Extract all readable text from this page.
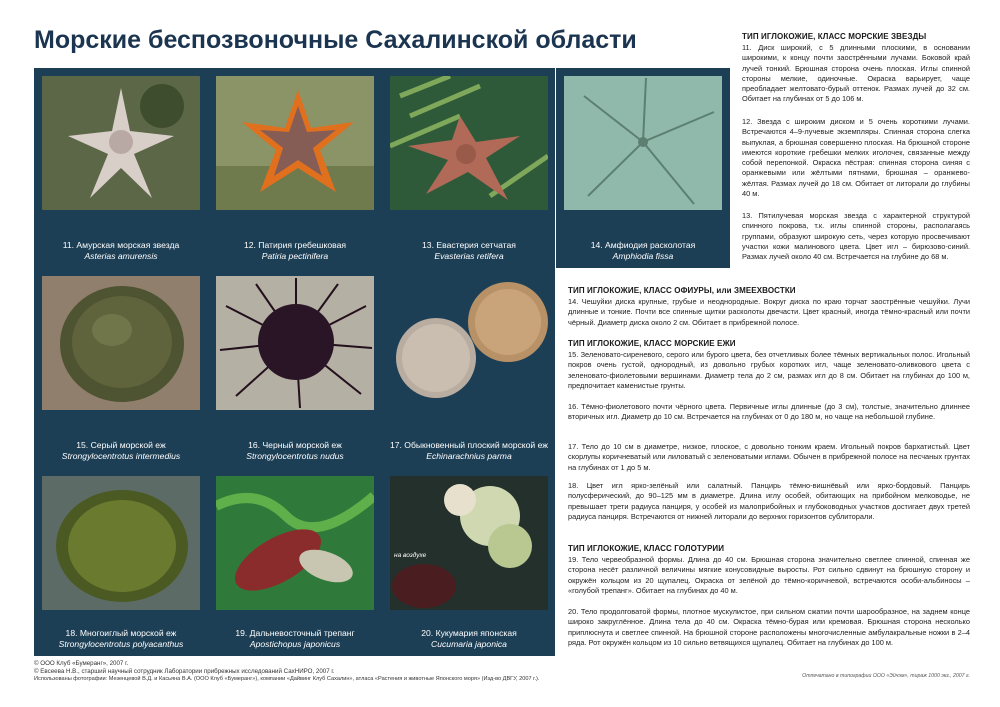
Морские беспозвоночные Сахалинской области
11. Амурская морская звезда
Asterias amurensis
12. Патирия гребешковая
Patiria pectinifera
13. Евастерия сетчатая
Evasterias retifera
15. Серый морской еж
Strongylocentrotus intermedius
16. Черный морской еж
Strongylocentrotus nudus
17. Обыкновенный плоский морской еж
Echinarachnius parma
18. Многоиглый морской еж
Strongylocentrotus polyacanthus
19. Дальневосточный трепанг
Apostichopus japonicus
на воздухе
20. Кукумария японская
Cucumaria japonica
14. Амфиодия расколотая
Amphiodia fissa
ТИП ИГЛОКОЖИЕ, КЛАСС МОРСКИЕ ЗВЕЗДЫ
11. Диск широкий, с 5 длинными плоскими, в основании широкими, к концу почти заострёнными лучами. Боковой край лучей тонкий. Брюшная сторона очень плоская. Иглы спинной стороны мелкие, одиночные. Окраска варьирует, чаще преобладает желтовато-бурый оттенок. Размах лучей до 32 см. Обитает на глубинах от 5 до 106 м.
12. Звезда с широким диском и 5 очень короткими лучами. Встречаются 4–9-лучевые экземпляры. Спинная сторона слегка выпуклая, а брюшная совершенно плоская. На брюшной стороне имеются короткие гребешки мелких иголочек, связанные между собой перепонкой. Окраска пёстрая: спинная сторона синяя с оранжевыми или жёлтыми пятнами, брюшная – оранжево-жёлтая. Размах лучей до 18 см. Обитает от литорали до глубины 40 м.
13. Пятилучевая морская звезда с характерной структурой спинного покрова, т.к. иглы спинной стороны, располагаясь группами, образуют широкую сеть, через которую просвечивают участки кожи малинового цвета. Цвет игл – бирюзово-синий. Размах лучей около 40 см. Встречается на глубине до 68 м.
ТИП ИГЛОКОЖИЕ, КЛАСС ОФИУРЫ, или ЗМЕЕХВОСТКИ
14. Чешуйки диска крупные, грубые и неоднородные. Вокруг диска по краю торчат заострённые чешуйки. Лучи длинные и тонкие. Почти все спинные щитки расколоты двечасти. Цвет красный, иногда тёмно-красный или почти чёрный. Диаметр диска около 2 см. Обитает в прибрежной полосе.
ТИП ИГЛОКОЖИЕ, КЛАСС МОРСКИЕ ЕЖИ
15. Зеленовато-сиреневого, серого или бурого цвета, без отчетливых более тёмных вертикальных полос. Игольный покров очень густой, однородный, из довольно грубых коротких игл, чаще зеленовато-оливкового цвета с зеленовато-фиолетовыми вершинами. Диаметр тела до 2 см, размах игл до 8 см. Обитает на глубинах до 100 м, предпочитает каменистые грунты.
16. Тёмно-фиолетового почти чёрного цвета. Первичные иглы длинные (до 3 см), толстые, значительно длиннее вторичных игл. Диаметр до 10 см. Встречается на глубинах от 0 до 180 м, но чаще на небольшой глубине.
17. Тело до 10 см в диаметре, низкое, плоское, с довольно тонким краем. Игольный покров бархатистый. Цвет скорлупы коричневатый или лиловатый с зеленоватыми иглами. Обычен в прибрежной полосе на песчаных грунтах на глубинах от 1 до 5 м.
18. Цвет игл ярко-зелёный или салатный. Панцирь тёмно-вишнёвый или ярко-бордовый. Панцирь полусферический, до 90–125 мм в диаметре. Длина иглу особей, обитающих на прибойном мелководье, не превышает трети радиуса панциря, у особей из малоприбойных и глубоководных участков достигает двух третей радиуса панциря. Встречаются от нижней литорали до верхних горизонтов сублиторали.
ТИП ИГЛОКОЖИЕ, КЛАСС ГОЛОТУРИИ
19. Тело червеобразной формы. Длина до 40 см. Брюшная сторона значительно светлее спинной, спинная же сторона несёт различной величины мягкие конусовидные выросты. Рот сильно сдвинут на брюшную сторону и окружён кольцом из 20 щупалец. Окраска от зелёной до тёмно-коричневой, встречаются особи-альбиносы – «голубой трепанг». Обитает на глубинах до 40 м.
20. Тело продолговатой формы, плотное мускулистое, при сильном сжатии почти шарообразное, на заднем конце широко закруглённое. Длина тела до 40 см. Окраска тёмно-бурая или кремовая. Брюшная сторона несколько приплюснута и светлее спинной. На брюшной стороне расположены многочисленные амбулакральные ножки в 2–4 ряда. Рот окружён кольцом из 10 сильно ветвящихся щупалец. Обитает на глубинах до 100 м.
© ООО Клуб «Бумеранг», 2007 г.
© Евсеева Н.В., старший научный сотрудник Лаборатории прибрежных исследований СахНИРО, 2007 г.
Использованы фотографии: Мезенцевой В.Д. и Касьяна В.А. (ООО Клуб «Бумеранг»), компании «Дайвинг Клуб Сахалин», атласа «Растения и животные Японского моря» (Изд-во ДВГУ, 2007 г.).	Отпечатано в типографии ООО «Эйчэм», тираж 1000 экз., 2007 г.
